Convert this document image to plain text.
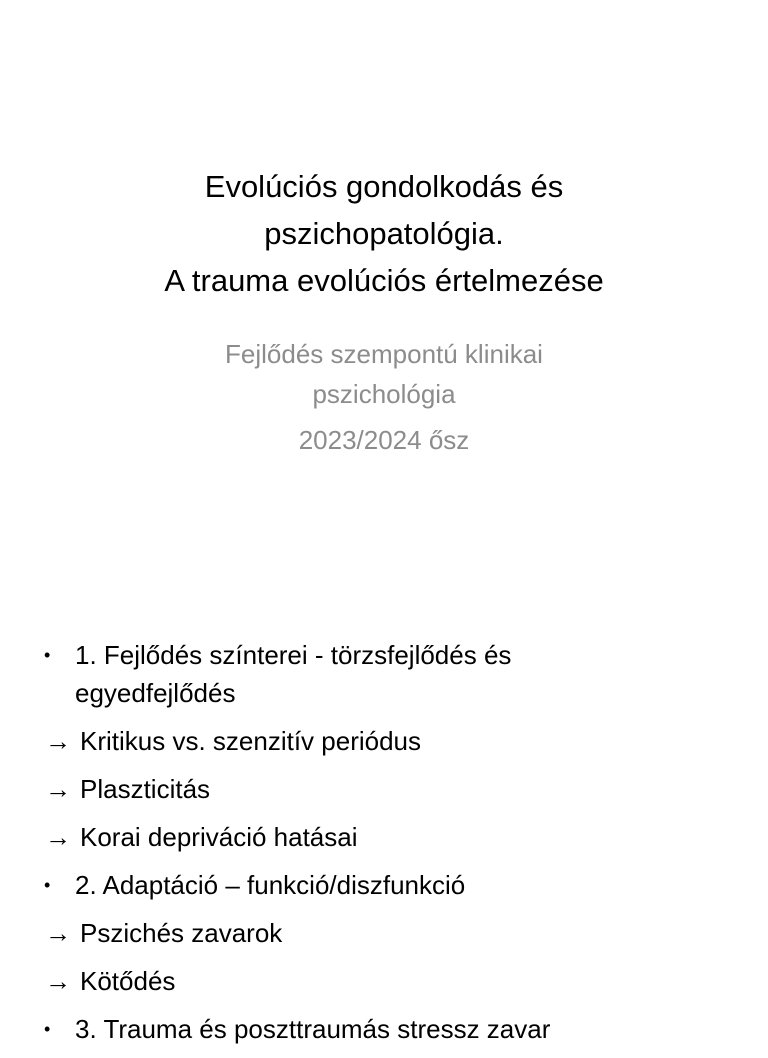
Evolúciós gondolkodás és
pszichopatológia.
A trauma evolúciós értelmezése
Fejlődés szempontú klinikai
pszichológia
2023/2024 ősz
• 1. Fejlődés színterei - törzsfejlődés és egyedfejlődés
→ Kritikus vs. szenzitív periódus
→ Plaszticitás
→ Korai depriváció hatásai
• 2. Adaptáció – funkció/diszfunkció
→ Pszichés zavarok
→ Kötődés
• 3. Trauma és poszttraumás stressz zavar
